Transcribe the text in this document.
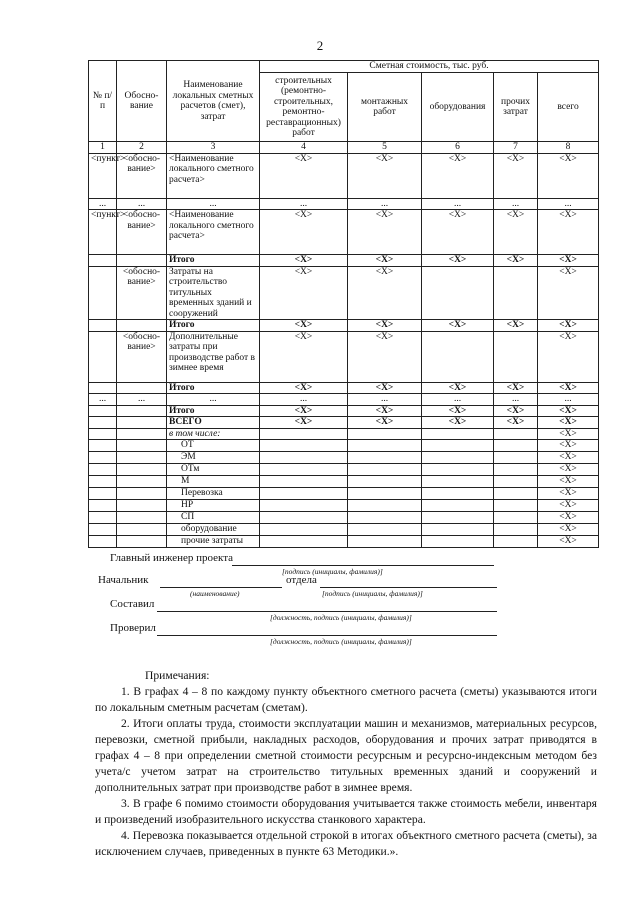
2
№ п/п	Обосно-вание	Наименование локальных сметных расчетов (смет), затрат	Сметная стоимость, тыс. руб.				
			строительных (ремонтно-строительных, ремонтно-реставрационных) работ	монтажных работ	оборудования	прочих затрат	всего
1	2	3	4	5	6	7	8
<пункт>	<обосно-вание>	<Наименование локального сметного расчета>	<X>	<X>	<X>	<X>	<X>
...	...	...	...	...	...	...	...
<пункт>	<обосно-вание>	<Наименование локального сметного расчета>	<X>	<X>	<X>	<X>	<X>
		Итого	<X>	<X>	<X>	<X>	<X>
	<обосно-вание>	Затраты на строительство титульных временных зданий и сооружений	<X>	<X>			<X>
		Итого	<X>	<X>	<X>	<X>	<X>
	<обосно-вание>	Дополнительные затраты при производстве работ в зимнее время	<X>	<X>			<X>
		Итого	<X>	<X>	<X>	<X>	<X>
...	...	...	...	...	...	...	...
		Итого	<X>	<X>	<X>	<X>	<X>
		ВСЕГО	<X>	<X>	<X>	<X>	<X>
		в том числе:					<X>
		ОТ					<X>
		ЭМ					<X>
		ОТм					<X>
		М					<X>
		Перевозка					<X>
		НР					<X>
		СП					<X>
		оборудование					<X>
		прочие затраты					<X>
Главный инженер проекта
[подпись (инициалы, фамилия)]
Начальник	отдела
(наименование)	[подпись (инициалы, фамилия)]
Составил
[должность, подпись (инициалы, фамилия)]
Проверил
[должность, подпись (инициалы, фамилия)]

Примечания:

1. В графах 4 – 8 по каждому пункту объектного сметного расчета (сметы) указываются итоги по локальным сметным расчетам (сметам).

2. Итоги оплаты труда, стоимости эксплуатации машин и механизмов, материальных ресурсов, перевозки, сметной прибыли, накладных расходов, оборудования и прочих затрат приводятся в графах 4 – 8 при определении сметной стоимости ресурсным и ресурсно-индексным методом без учета/с учетом затрат на строительство титульных временных зданий и сооружений и дополнительных затрат при производстве работ в зимнее время.

3. В графе 6 помимо стоимости оборудования учитывается также стоимость мебели, инвентаря и произведений изобразительного искусства станкового характера.

4. Перевозка показывается отдельной строкой в итогах объектного сметного расчета (сметы), за исключением случаев, приведенных в пункте 63 Методики.».
